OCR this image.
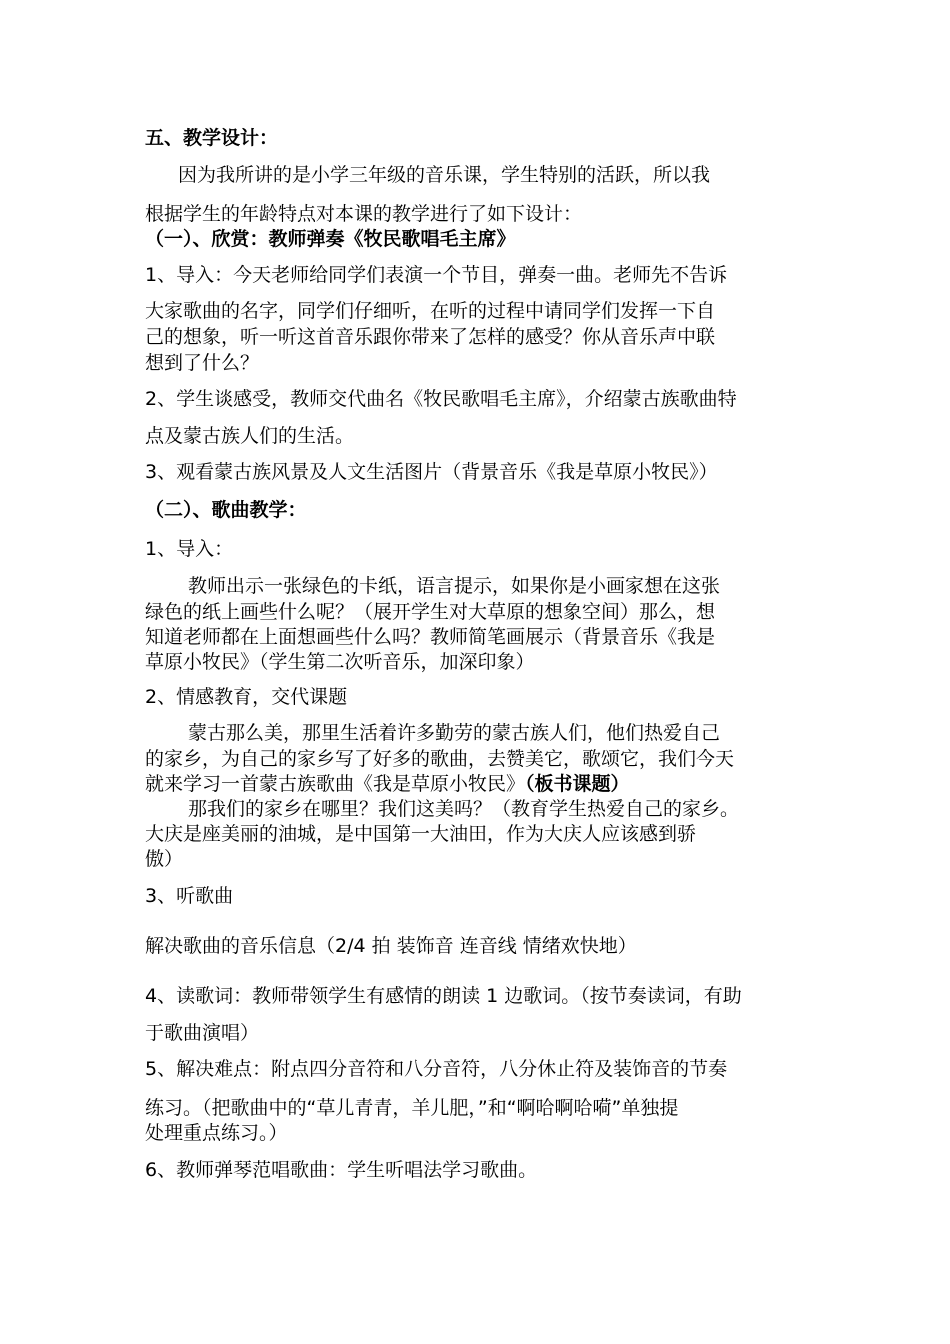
五、教学设计：
因为我所讲的是小学三年级的音乐课，学生特别的活跃，所以我
根据学生的年龄特点对本课的教学进行了如下设计：
（一）、欣赏：教师弹奏《牧民歌唱毛主席》
1、导入：今天老师给同学们表演一个节目，弹奏一曲。老师先不告诉
大家歌曲的名字，同学们仔细听，在听的过程中请同学们发挥一下自
己的想象，听一听这首音乐跟你带来了怎样的感受？你从音乐声中联
想到了什么？
2、学生谈感受，教师交代曲名《牧民歌唱毛主席》，介绍蒙古族歌曲特
点及蒙古族人们的生活。
3、观看蒙古族风景及人文生活图片（背景音乐《我是草原小牧民》）
（二）、歌曲教学：
1、导入：
教师出示一张绿色的卡纸，语言提示，如果你是小画家想在这张
绿色的纸上画些什么呢？（展开学生对大草原的想象空间）那么，想
知道老师都在上面想画些什么吗？教师简笔画展示（背景音乐《我是
草原小牧民》（学生第二次听音乐，加深印象）
2、情感教育，交代课题
蒙古那么美，那里生活着许多勤劳的蒙古族人们，他们热爱自己
的家乡，为自己的家乡写了好多的歌曲，去赞美它，歌颂它，我们今天
就来学习一首蒙古族歌曲《我是草原小牧民》（板书课题）
那我们的家乡在哪里？我们这美吗？（教育学生热爱自己的家乡。
大庆是座美丽的油城，是中国第一大油田，作为大庆人应该感到骄
傲）
3、听歌曲
解决歌曲的音乐信息（2/4 拍 装饰音 连音线 情绪欢快地）
4、读歌词：教师带领学生有感情的朗读 1 边歌词。（按节奏读词，有助
于歌曲演唱）
5、解决难点：附点四分音符和八分音符，八分休止符及装饰音的节奏
练习。（把歌曲中的“草儿青青，羊儿肥，”和“啊哈啊哈嗬”单独提
处理重点练习。）
6、教师弹琴范唱歌曲：学生听唱法学习歌曲。
